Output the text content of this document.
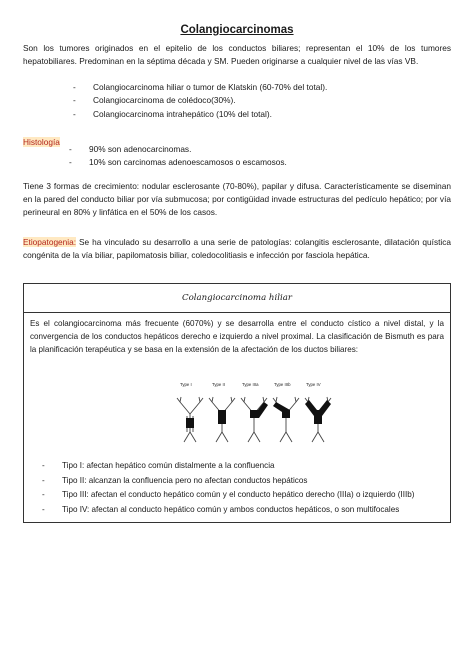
Colangiocarcinomas
Son los tumores originados en el epitelio de los conductos biliares; representan el 10% de los tumores hepatobiliares. Predominan en la séptima década y SM. Pueden originarse a cualquier nivel de las vías VB.
- Colangiocarcinoma hiliar o tumor de Klatskin (60-70% del total).
- Colangiocarcinoma de colédoco(30%).
- Colangiocarcinoma intrahepático (10% del total).
Histología
- 90% son adenocarcinomas.
- 10% son carcinomas adenoescamosos o escamosos.
Tiene 3 formas de crecimiento: nodular esclerosante (70-80%), papilar y difusa. Característicamente se diseminan en la pared del conducto biliar por vía submucosa; por contigüidad invade estructuras del pedículo hepático; por vía perineural en 80% y linfática en el 50% de los casos.
Etiopatogenia: Se ha vinculado su desarrollo a una serie de patologías: colangitis esclerosante, dilatación quística congénita de la vía biliar, papilomatosis biliar, coledocolitiasis e infección por fasciola hepática.
Colangiocarcinoma hiliar
Es el colangiocarcinoma más frecuente (6070%) y se desarrolla entre el conducto cístico a nivel distal, y la convergencia de los conductos hepáticos derecho e izquierdo a nivel proximal. La clasificación de Bismuth es para la planificación terapéutica y se basa en la extensión de la afectación de los ductos biliares:
Type I	Type II	Type IIIa	Type IIIb	Type IV
- Tipo I: afectan hepático común distalmente a la confluencia
- Tipo II: alcanzan la confluencia pero no afectan conductos hepáticos
- Tipo III: afectan el conducto hepático común y el conducto hepático derecho (IIIa) o izquierdo (IIIb)
- Tipo IV: afectan al conducto hepático común y ambos conductos hepáticos, o son multifocales
